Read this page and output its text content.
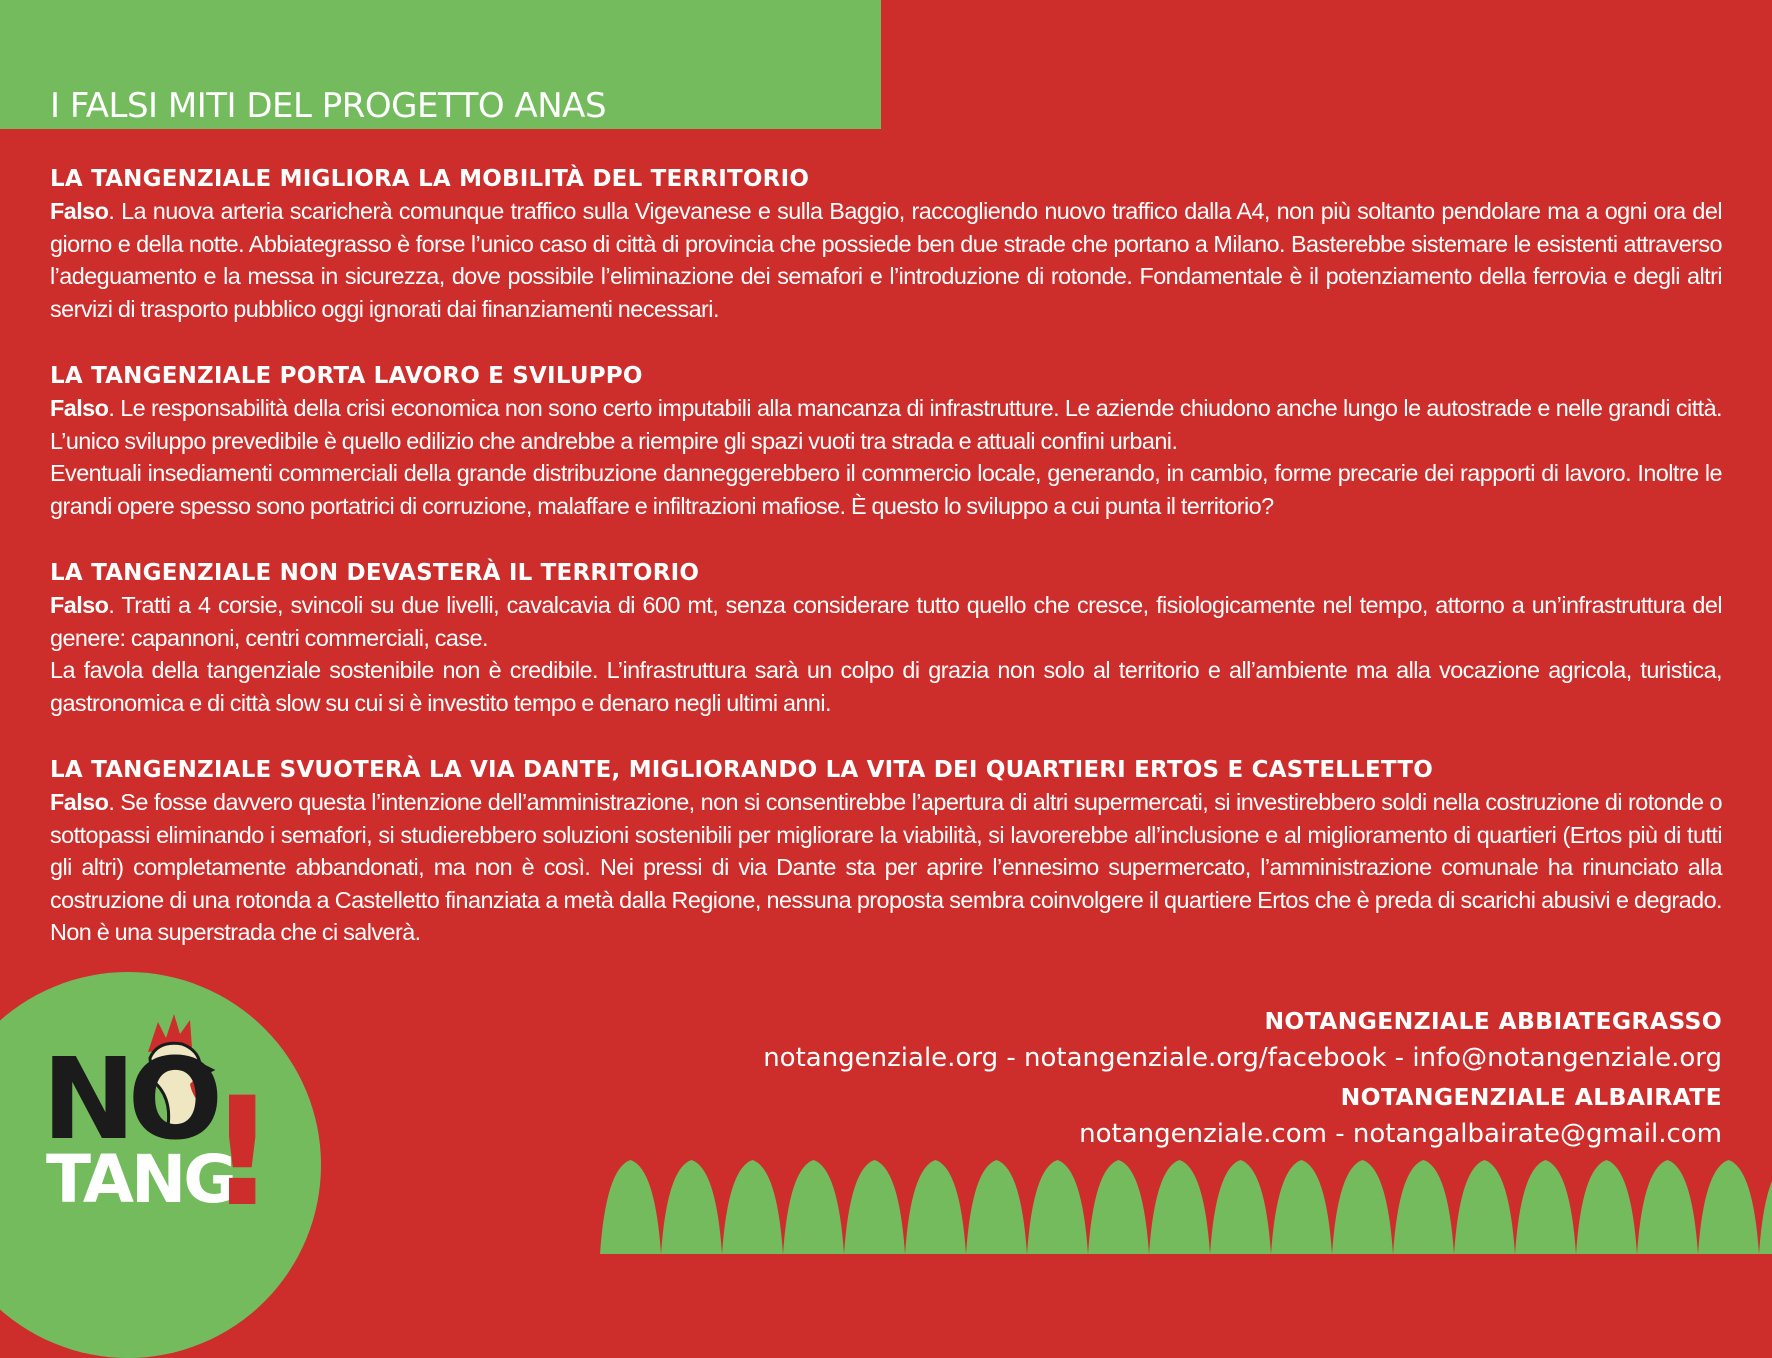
I FALSI MITI DEL PROGETTO ANAS
LA TANGENZIALE MIGLIORA LA MOBILITÀ DEL TERRITORIO

Falso. La nuova arteria scaricherà comunque traffico sulla Vigevanese e sulla Baggio, raccogliendo nuovo traffico dalla A4, non più soltanto pendolare ma a ogni ora del giorno e della notte. Abbiategrasso è forse l’unico caso di città di provincia che possiede ben due strade che portano a Milano. Basterebbe sistemare le esistenti attraverso l’adeguamento e la messa in sicurezza, dove possibile l’eliminazione dei semafori e l’introduzione di rotonde. Fondamentale è il potenziamento della ferrovia e degli altri servizi di trasporto pubblico oggi ignorati dai finanziamenti necessari.

LA TANGENZIALE PORTA LAVORO E SVILUPPO

Falso. Le responsabilità della crisi economica non sono certo imputabili alla mancanza di infrastrutture. Le aziende chiudono anche lungo le autostrade e nelle grandi città. L’unico sviluppo prevedibile è quello edilizio che andrebbe a riempire gli spazi vuoti tra strada e attuali confini urbani.

Eventuali insediamenti commerciali della grande distribuzione danneggerebbero il commercio locale, generando, in cambio, forme precarie dei rapporti di lavoro. Inoltre le grandi opere spesso sono portatrici di corruzione, malaffare e infiltrazioni mafiose. È questo lo sviluppo a cui punta il territorio?

LA TANGENZIALE NON DEVASTERÀ IL TERRITORIO

Falso. Tratti a 4 corsie, svincoli su due livelli, cavalcavia di 600 mt, senza considerare tutto quello che cresce, fisiologicamente nel tempo, attorno a un’infrastruttura del genere: capannoni, centri commerciali, case.

La favola della tangenziale sostenibile non è credibile. L’infrastruttura sarà un colpo di grazia non solo al territorio e all’ambiente ma alla vocazione agricola, turistica, gastronomica e di città slow su cui si è investito tempo e denaro negli ultimi anni.

LA TANGENZIALE SVUOTERÀ LA VIA DANTE, MIGLIORANDO LA VITA DEI QUARTIERI ERTOS E CASTELLETTO

Falso. Se fosse davvero questa l’intenzione dell’amministrazione, non si consentirebbe l’apertura di altri supermercati, si investirebbero soldi nella costruzione di rotonde o sottopassi eliminando i semafori, si studierebbero soluzioni sostenibili per migliorare la viabilità, si lavorerebbe all’inclusione e al miglioramento di quartieri (Ertos più di tutti gli altri) completamente abbandonati, ma non è così. Nei pressi di via Dante sta per aprire l’ennesimo supermercato, l’amministrazione comunale ha rinunciato alla costruzione di una rotonda a Castelletto finanziata a metà dalla Regione, nessuna proposta sembra coinvolgere il quartiere Ertos che è preda di scarichi abusivi e degrado. Non è una superstrada che ci salverà.

NO
TANG
!
NOTANGENZIALE ABBIATEGRASSO
notangenziale.org - notangenziale.org/facebook - info@notangenziale.org
NOTANGENZIALE ALBAIRATE
notangenziale.com - notangalbairate@gmail.com
